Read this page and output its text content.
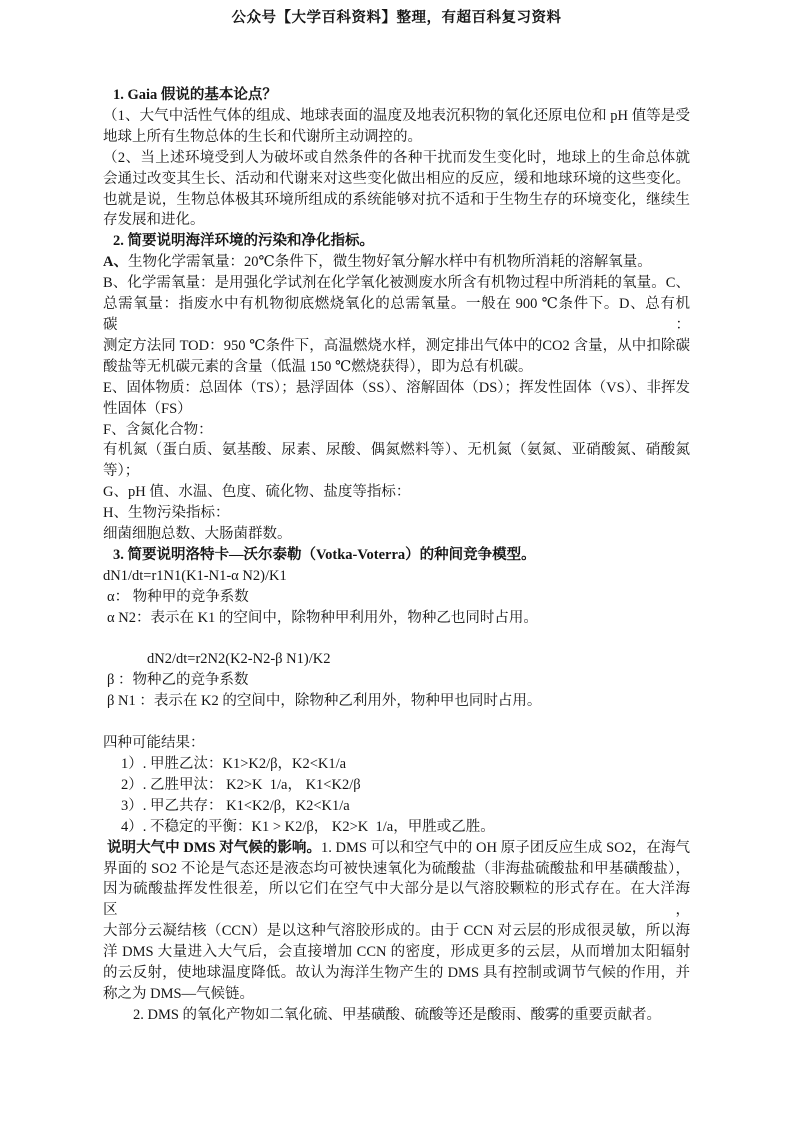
公众号【大学百科资料】整理，有超百科复习资料
1. Gaia 假说的基本论点？
（1、大气中活性气体的组成、地球表面的温度及地表沉积物的氧化还原电位和 pH 值等是受
地球上所有生物总体的生长和代谢所主动调控的。
（2、当上述环境受到人为破坏或自然条件的各种干扰而发生变化时，地球上的生命总体就
会通过改变其生长、活动和代谢来对这些变化做出相应的反应，缓和地球环境的这些变化。
也就是说，生物总体极其环境所组成的系统能够对抗不适和于生物生存的环境变化，继续生
存发展和进化。
2. 简要说明海洋环境的污染和净化指标。
A、生物化学需氧量：20℃条件下，微生物好氧分解水样中有机物所消耗的溶解氧量。
B、化学需氧量：是用强化学试剂在化学氧化被测废水所含有机物过程中所消耗的氧量。C、
总需氧量：指废水中有机物彻底燃烧氧化的总需氧量。一般在 900 ℃条件下。D、总有机碳：
测定方法同 TOD：950 ℃条件下，高温燃烧水样，测定排出气体中的CO2 含量，从中扣除碳
酸盐等无机碳元素的含量（低温 150 ℃燃烧获得），即为总有机碳。
E、固体物质：总固体（TS）；悬浮固体（SS）、溶解固体（DS）；挥发性固体（VS）、非挥发
性固体（FS）
F、含氮化合物：
有机氮（蛋白质、氨基酸、尿素、尿酸、偶氮燃料等）、无机氮（氨氮、亚硝酸氮、硝酸氮
等）；
G、pH 值、水温、色度、硫化物、盐度等指标：
H、生物污染指标：
细菌细胞总数、大肠菌群数。
3. 简要说明洛特卡—沃尔泰勒（Votka-Voterra）的种间竞争模型。
dN1/dt=r1N1(K1-N1-α N2)/K1
α： 物种甲的竞争系数
α N2：表示在 K1 的空间中，除物种甲利用外，物种乙也同时占用。

dN2/dt=r2N2(K2-N2-β N1)/K2
β ：物种乙的竞争系数
β N1 ：表示在 K2 的空间中，除物种乙利用外，物种甲也同时占用。

四种可能结果：
1）. 甲胜乙汰：K1>K2/β，K2<K1/a
2）. 乙胜甲汰： K2>K  1/a， K1<K2/β
3）. 甲乙共存： K1<K2/β，K2<K1/a
4）. 不稳定的平衡：K1 > K2/β， K2>K  1/a，甲胜或乙胜。
说明大气中 DMS 对气候的影响。1. DMS 可以和空气中的 OH 原子团反应生成 SO2，在海气
界面的 SO2 不论是气态还是液态均可被快速氧化为硫酸盐（非海盐硫酸盐和甲基磺酸盐），
因为硫酸盐挥发性很差，所以它们在空气中大部分是以气溶胶颗粒的形式存在。在大洋海区，
大部分云凝结核（CCN）是以这种气溶胶形成的。由于 CCN 对云层的形成很灵敏，所以海
洋 DMS 大量进入大气后，会直接增加 CCN 的密度，形成更多的云层，从而增加太阳辐射
的云反射，使地球温度降低。故认为海洋生物产生的 DMS 具有控制或调节气候的作用，并
称之为 DMS—气候链。
2. DMS 的氧化产物如二氧化硫、甲基磺酸、硫酸等还是酸雨、酸雾的重要贡献者。
